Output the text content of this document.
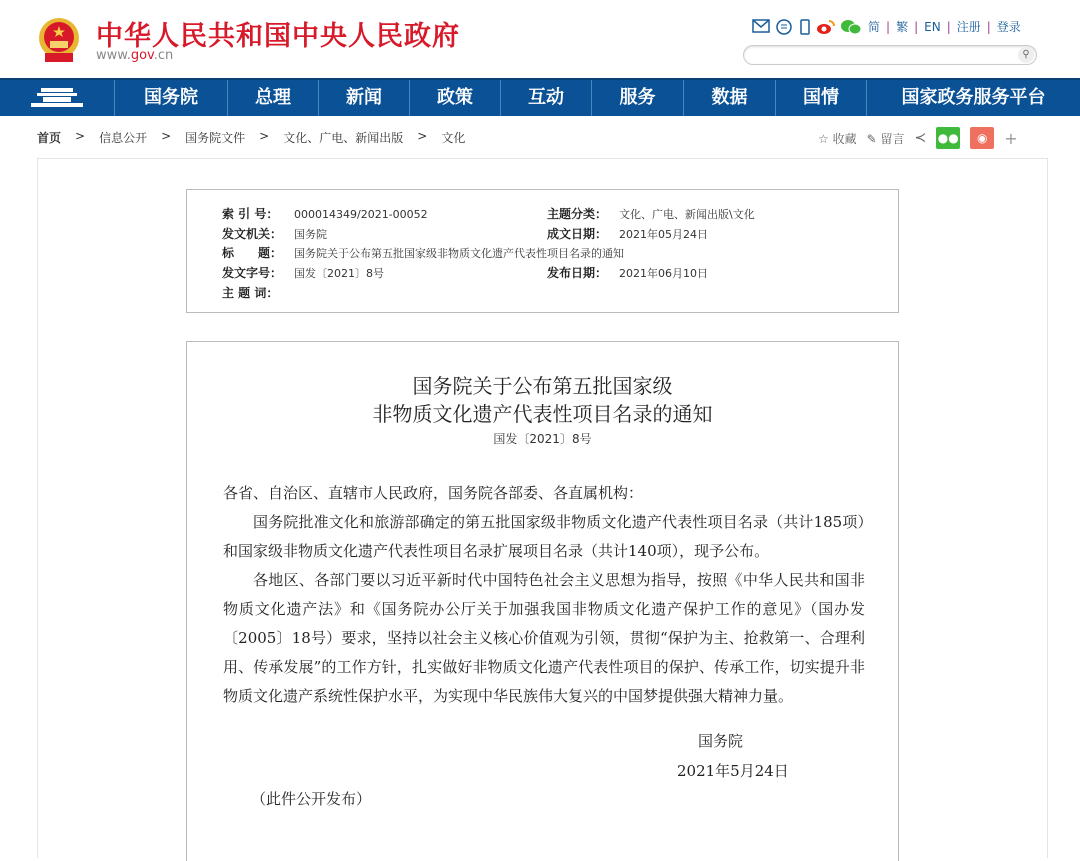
中华人民共和国中央人民政府
www.gov.cn
简 | 繁 | EN | 注册 | 登录
⚲
国务院	总理	新闻	政策	互动	服务	数据	国情	国家政务服务平台
首页 > 信息公开 > 国务院文件 > 文化、广电、新闻出版 > 文化	☆ 收藏 ✎ 留言 ≺ ●●	◉	+
索 引 号： 000014349/2021-00052	主题分类： 文化、广电、新闻出版\文化
发文机关： 国务院	成文日期： 2021年05月24日
标　　题： 国务院关于公布第五批国家级非物质文化遗产代表性项目名录的通知
发文字号： 国发〔2021〕8号	发布日期： 2021年06月10日
主 题 词：
国务院关于公布第五批国家级
非物质文化遗产代表性项目名录的通知
国发〔2021〕8号

各省、自治区、直辖市人民政府，国务院各部委、各直属机构：

国务院批准文化和旅游部确定的第五批国家级非物质文化遗产代表性项目名录（共计185项）和国家级非物质文化遗产代表性项目名录扩展项目名录（共计140项），现予公布。

各地区、各部门要以习近平新时代中国特色社会主义思想为指导，按照《中华人民共和国非物质文化遗产法》和《国务院办公厅关于加强我国非物质文化遗产保护工作的意见》（国办发〔2005〕18号）要求，坚持以社会主义核心价值观为引领，贯彻“保护为主、抢救第一、合理利用、传承发展”的工作方针，扎实做好非物质文化遗产代表性项目的保护、传承工作，切实提升非物质文化遗产系统性保护水平，为实现中华民族伟大复兴的中国梦提供强大精神力量。

国务院
2021年5月24日
（此件公开发布）
